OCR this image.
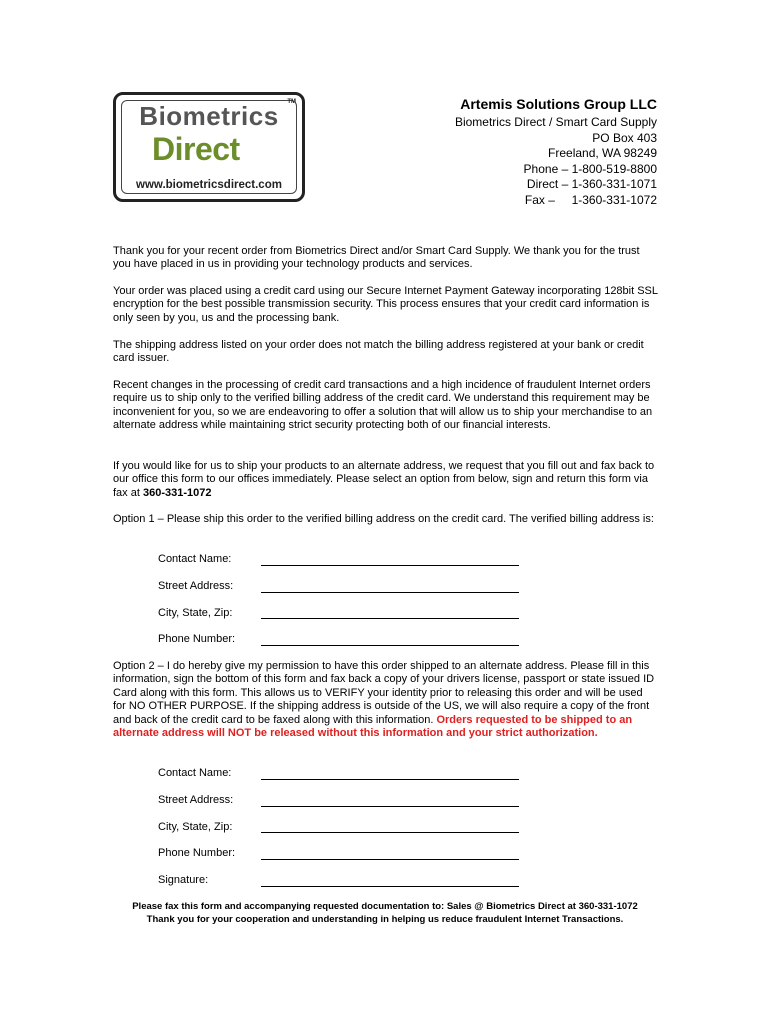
TM
Biometrics
Direct
www.biometricsdirect.com
Artemis Solutions Group LLC
Biometrics Direct / Smart Card Supply
PO Box 403
Freeland, WA 98249
Phone – 1-800-519-8800
Direct – 1-360-331-1071
Fax –     1-360-331-1072

Thank you for your recent order from Biometrics Direct and/or Smart Card Supply. We thank you for the trust you have placed in us in providing your technology products and services.

Your order was placed using a credit card using our Secure Internet Payment Gateway incorporating 128bit SSL encryption for the best possible transmission security. This process ensures that your credit card information is only seen by you, us and the processing bank.

The shipping address listed on your order does not match the billing address registered at your bank or credit card issuer.

Recent changes in the processing of credit card transactions and a high incidence of fraudulent Internet orders require us to ship only to the verified billing address of the credit card. We understand this requirement may be inconvenient for you, so we are endeavoring to offer a solution that will allow us to ship your merchandise to an alternate address while maintaining strict security protecting both of our financial interests.

If you would like for us to ship your products to an alternate address, we request that you fill out and fax back to our office this form to our offices immediately. Please select an option from below, sign and return this form via fax at 360-331-1072

Option 1 – Please ship this order to the verified billing address on the credit card. The verified billing address is:

Contact Name:
Street Address:
City, State, Zip:
Phone Number:

Option 2 – I do hereby give my permission to have this order shipped to an alternate address. Please fill in this information, sign the bottom of this form and fax back a copy of your drivers license, passport or state issued ID Card along with this form. This allows us to VERIFY your identity prior to releasing this order and will be used for NO OTHER PURPOSE. If the shipping address is outside of the US, we will also require a copy of the front and back of the credit card to be faxed along with this information. Orders requested to be shipped to an alternate address will NOT be released without this information and your strict authorization.

Contact Name:
Street Address:
City, State, Zip:
Phone Number:
Signature:
Please fax this form and accompanying requested documentation to: Sales @ Biometrics Direct at 360-331-1072
Thank you for your cooperation and understanding in helping us reduce fraudulent Internet Transactions.
